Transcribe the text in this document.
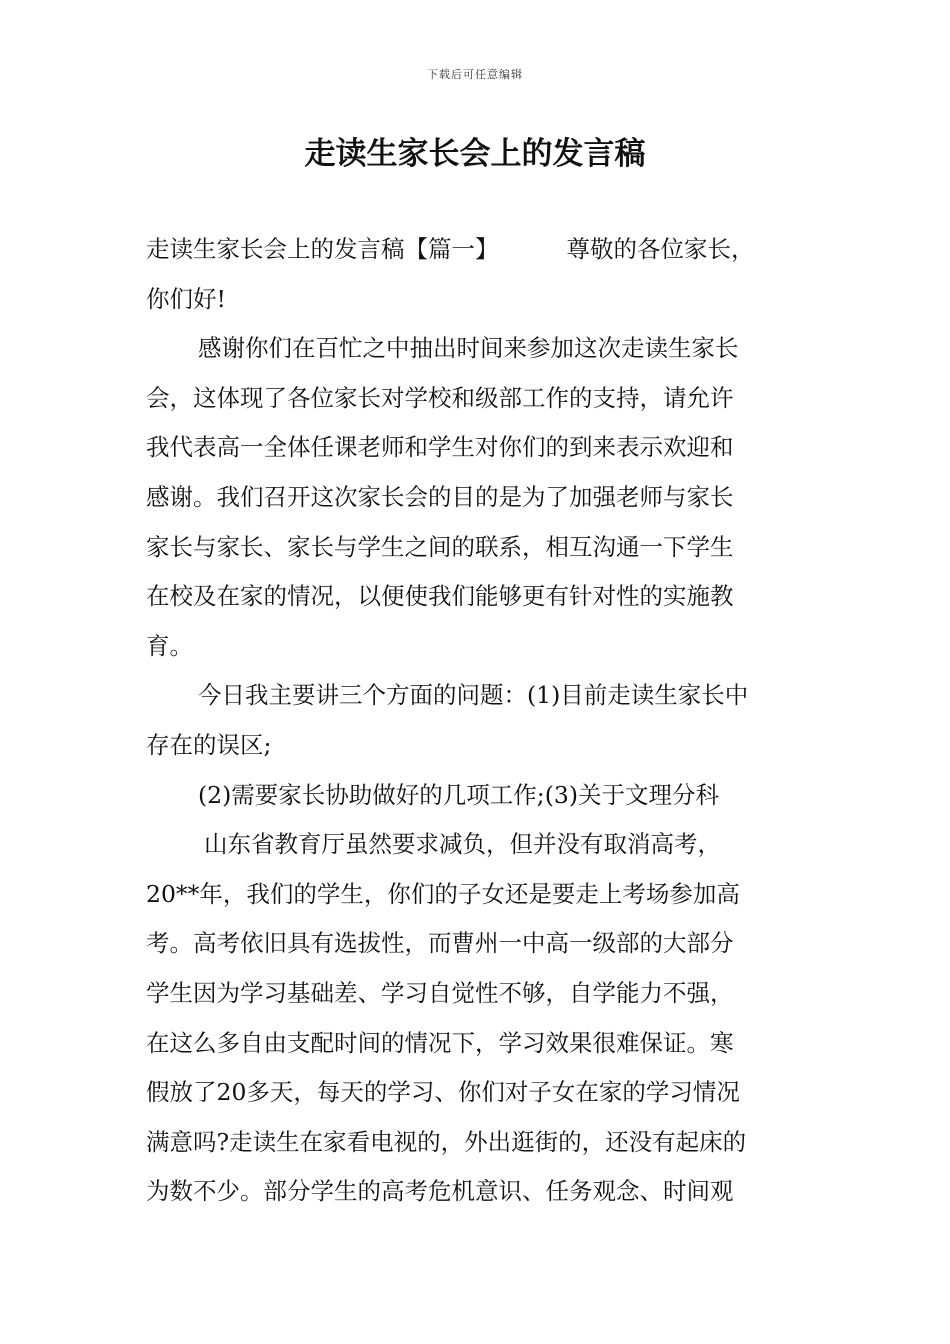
下载后可任意编辑
走读生家长会上的发言稿
走读生家长会上的发言稿【篇一】	尊敬的各位家长，
你们好!
感谢你们在百忙之中抽出时间来参加这次走读生家长
会，这体现了各位家长对学校和级部工作的支持，请允许
我代表高一全体任课老师和学生对你们的到来表示欢迎和
感谢。我们召开这次家长会的目的是为了加强老师与家长
家长与家长、家长与学生之间的联系，相互沟通一下学生
在校及在家的情况，以便使我们能够更有针对性的实施教
育。
今日我主要讲三个方面的问题：(1)目前走读生家长中
存在的误区;
(2)需要家长协助做好的几项工作;(3)关于文理分科
山东省教育厅虽然要求减负，但并没有取消高考，
20**年，我们的学生，你们的子女还是要走上考场参加高
考。高考依旧具有选拔性，而曹州一中高一级部的大部分
学生因为学习基础差、学习自觉性不够，自学能力不强，
在这么多自由支配时间的情况下，学习效果很难保证。寒
假放了20多天，每天的学习、你们对子女在家的学习情况
满意吗?走读生在家看电视的，外出逛街的，还没有起床的
为数不少。部分学生的高考危机意识、任务观念、时间观
